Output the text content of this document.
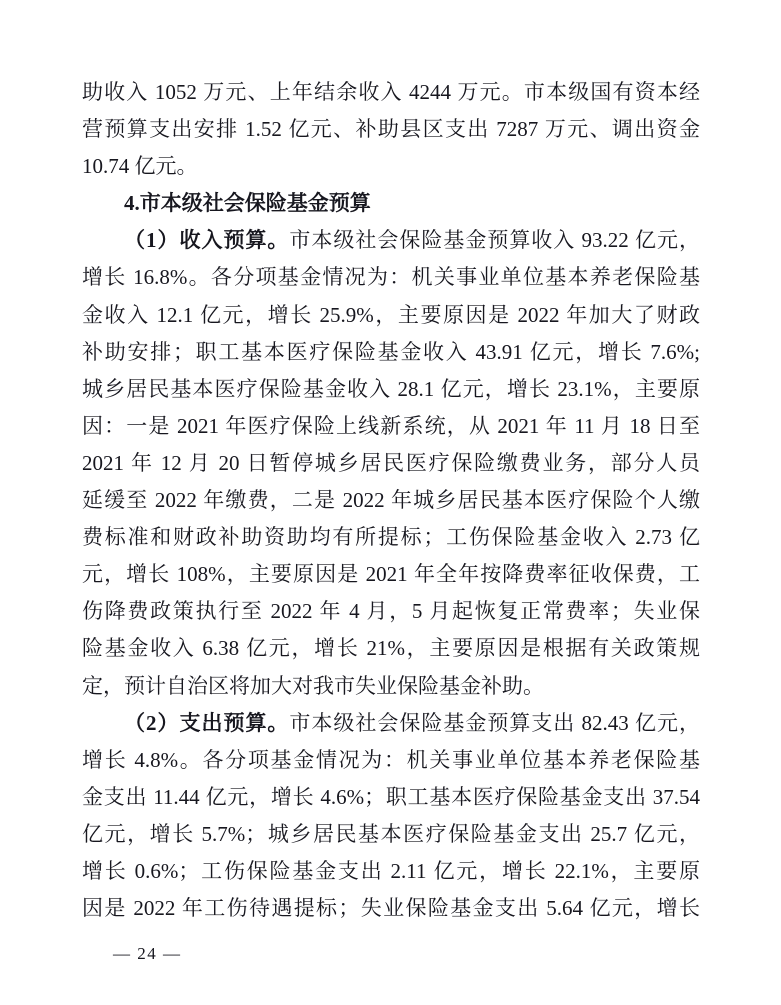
助收入 1052 万元、上年结余收入 4244 万元。市本级国有资本经
营预算支出安排 1.52 亿元、补助县区支出 7287 万元、调出资金
10.74 亿元。
4.市本级社会保险基金预算
（1）收入预算。市本级社会保险基金预算收入 93.22 亿元，
增长 16.8%。各分项基金情况为：机关事业单位基本养老保险基
金收入 12.1 亿元，增长 25.9%，主要原因是 2022 年加大了财政
补助安排；职工基本医疗保险基金收入 43.91 亿元，增长 7.6%;
城乡居民基本医疗保险基金收入 28.1 亿元，增长 23.1%，主要原
因：一是 2021 年医疗保险上线新系统，从 2021 年 11 月 18 日至
2021 年 12 月 20 日暂停城乡居民医疗保险缴费业务，部分人员
延缓至 2022 年缴费，二是 2022 年城乡居民基本医疗保险个人缴
费标准和财政补助资助均有所提标；工伤保险基金收入 2.73 亿
元，增长 108%，主要原因是 2021 年全年按降费率征收保费，工
伤降费政策执行至 2022 年 4 月，5 月起恢复正常费率；失业保
险基金收入 6.38 亿元，增长 21%，主要原因是根据有关政策规
定，预计自治区将加大对我市失业保险基金补助。
（2）支出预算。市本级社会保险基金预算支出 82.43 亿元，
增长 4.8%。各分项基金情况为：机关事业单位基本养老保险基
金支出 11.44 亿元，增长 4.6%；职工基本医疗保险基金支出 37.54
亿元，增长 5.7%；城乡居民基本医疗保险基金支出 25.7 亿元，
增长 0.6%；工伤保险基金支出 2.11 亿元，增长 22.1%，主要原
因是 2022 年工伤待遇提标；失业保险基金支出 5.64 亿元，增长
— 24 —
